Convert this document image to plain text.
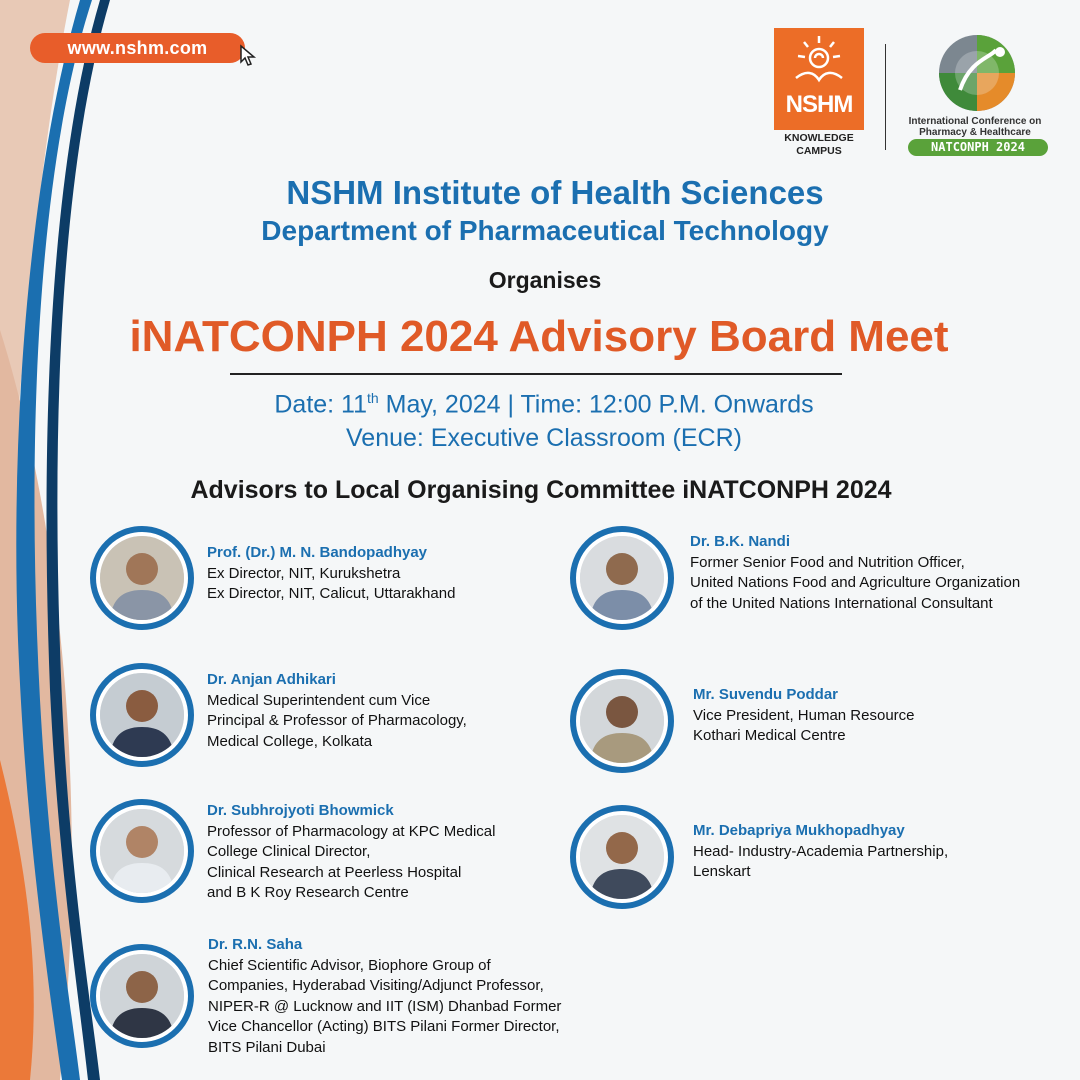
www.nshm.com
NSHM
KNOWLEDGE
CAMPUS
International Conference on
Pharmacy & Healthcare
NATCONPH 2024
NSHM Institute of Health Sciences
Department of Pharmaceutical Technology
Organises
iNATCONPH 2024 Advisory Board Meet
Date: 11th May, 2024 | Time: 12:00 P.M. Onwards
Venue: Executive Classroom (ECR)
Advisors to Local Organising Committee iNATCONPH 2024
Prof. (Dr.) M. N. Bandopadhyay
Ex Director, NIT, Kurukshetra
Ex Director, NIT, Calicut, Uttarakhand
Dr. B.K. Nandi
Former Senior Food and Nutrition Officer,
United Nations Food and Agriculture Organization
of the United Nations International Consultant
Dr. Anjan Adhikari
Medical Superintendent cum Vice
Principal & Professor of Pharmacology,
Medical College, Kolkata
Mr. Suvendu Poddar
Vice President, Human Resource
Kothari Medical Centre
Dr. Subhrojyoti Bhowmick
Professor of Pharmacology at KPC Medical
College Clinical Director,
Clinical Research at Peerless Hospital
and B K Roy Research Centre
Mr. Debapriya Mukhopadhyay
Head- Industry-Academia Partnership,
Lenskart
Dr. R.N. Saha
Chief Scientific Advisor, Biophore Group of
Companies, Hyderabad Visiting/Adjunct Professor,
NIPER-R @ Lucknow and IIT (ISM) Dhanbad Former
Vice Chancellor (Acting) BITS Pilani Former Director,
BITS Pilani Dubai
